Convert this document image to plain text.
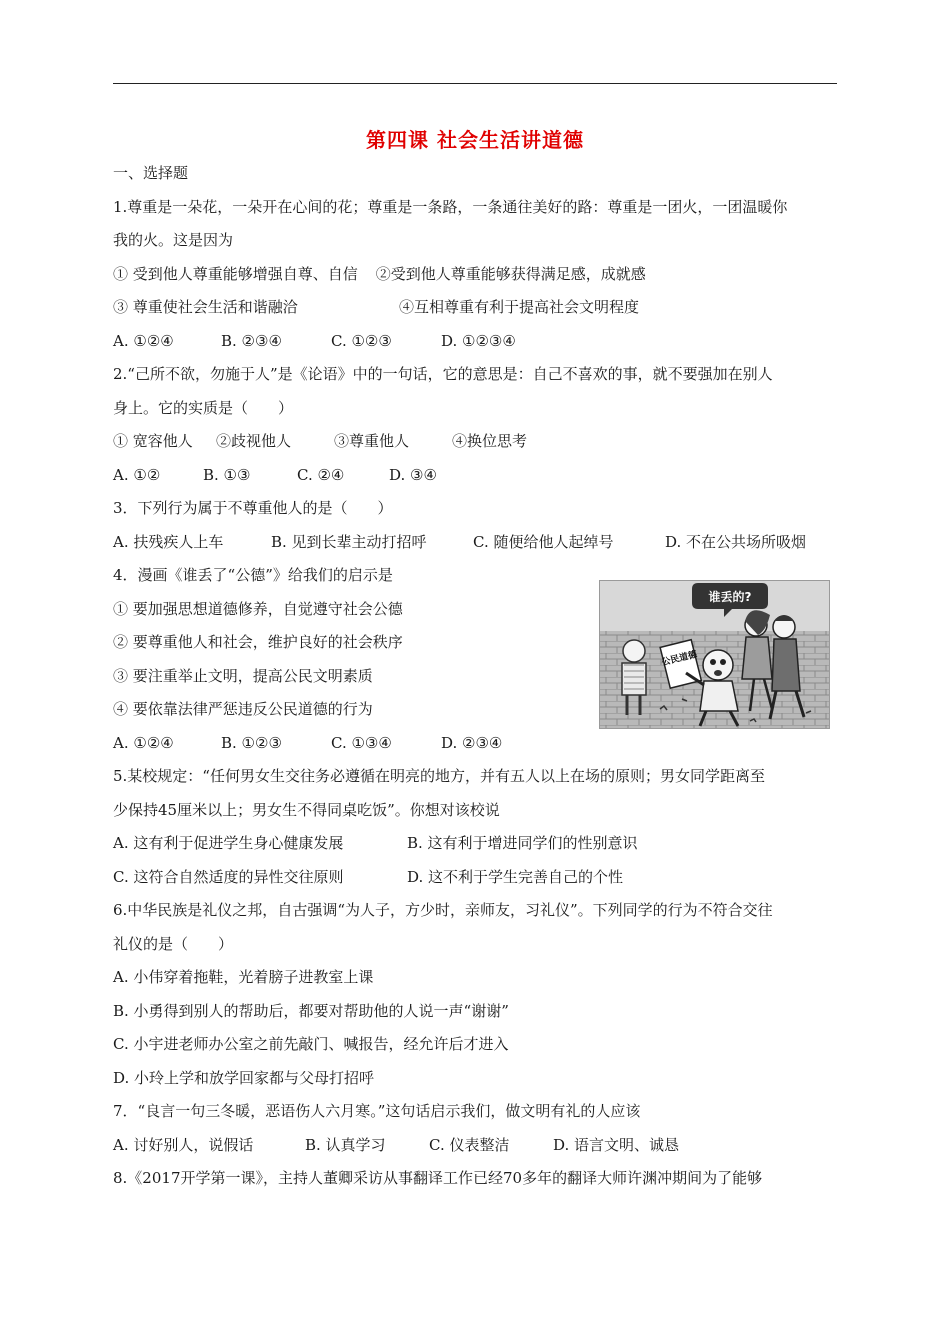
第四课 社会生活讲道德
一、选择题
1.尊重是一朵花，一朵开在心间的花；尊重是一条路，一条通往美好的路：尊重是一团火，一团温暖你
我的火。这是因为
① 受到他人尊重能够增强自尊、自信 ②受到他人尊重能够获得满足感，成就感
③ 尊重使社会生活和谐融洽	④互相尊重有利于提高社会文明程度
A. ①②④	B. ②③④	C. ①②③	D. ①②③④
2.“己所不欲，勿施于人”是《论语》中的一句话，它的意思是：自己不喜欢的事，就不要强加在别人
身上。它的实质是（　　）
① 宽容他人 ②歧视他人	③尊重他人	④换位思考
A. ①②	B. ①③	C. ②④	D. ③④
3．下列行为属于不尊重他人的是（　　）
A. 扶残疾人上车	B. 见到长辈主动打招呼	C. 随便给他人起绰号	D. 不在公共场所吸烟
4．漫画《谁丢了“公德”》给我们的启示是
① 要加强思想道德修养，自觉遵守社会公德
② 要尊重他人和社会，维护良好的社会秩序
③ 要注重举止文明，提高公民文明素质
④ 要依靠法律严惩违反公民道德的行为
A. ①②④	B. ①②③	C. ①③④	D. ②③④
5.某校规定：“任何男女生交往务必遵循在明亮的地方，并有五人以上在场的原则；男女同学距离至
少保持45厘米以上；男女生不得同桌吃饭”。你想对该校说
A. 这有利于促进学生身心健康发展	B. 这有利于增进同学们的性别意识
C. 这符合自然适度的异性交往原则	D. 这不利于学生完善自己的个性
6.中华民族是礼仪之邦，自古强调“为人子，方少时，亲师友，习礼仪”。下列同学的行为不符合交往
礼仪的是（　　）
A. 小伟穿着拖鞋，光着膀子进教室上课
B. 小勇得到别人的帮助后，都要对帮助他的人说一声“谢谢”
C. 小宇进老师办公室之前先敲门、喊报告，经允许后才进入
D. 小玲上学和放学回家都与父母打招呼
7．“良言一句三冬暖，恶语伤人六月寒。”这句话启示我们，做文明有礼的人应该
A. 讨好别人，说假话	B. 认真学习	C. 仪表整洁	D. 语言文明、诚恳
8.《2017开学第一课》，主持人董卿采访从事翻译工作已经70多年的翻译大师许渊冲期间为了能够
谁丢的?
公民道德
